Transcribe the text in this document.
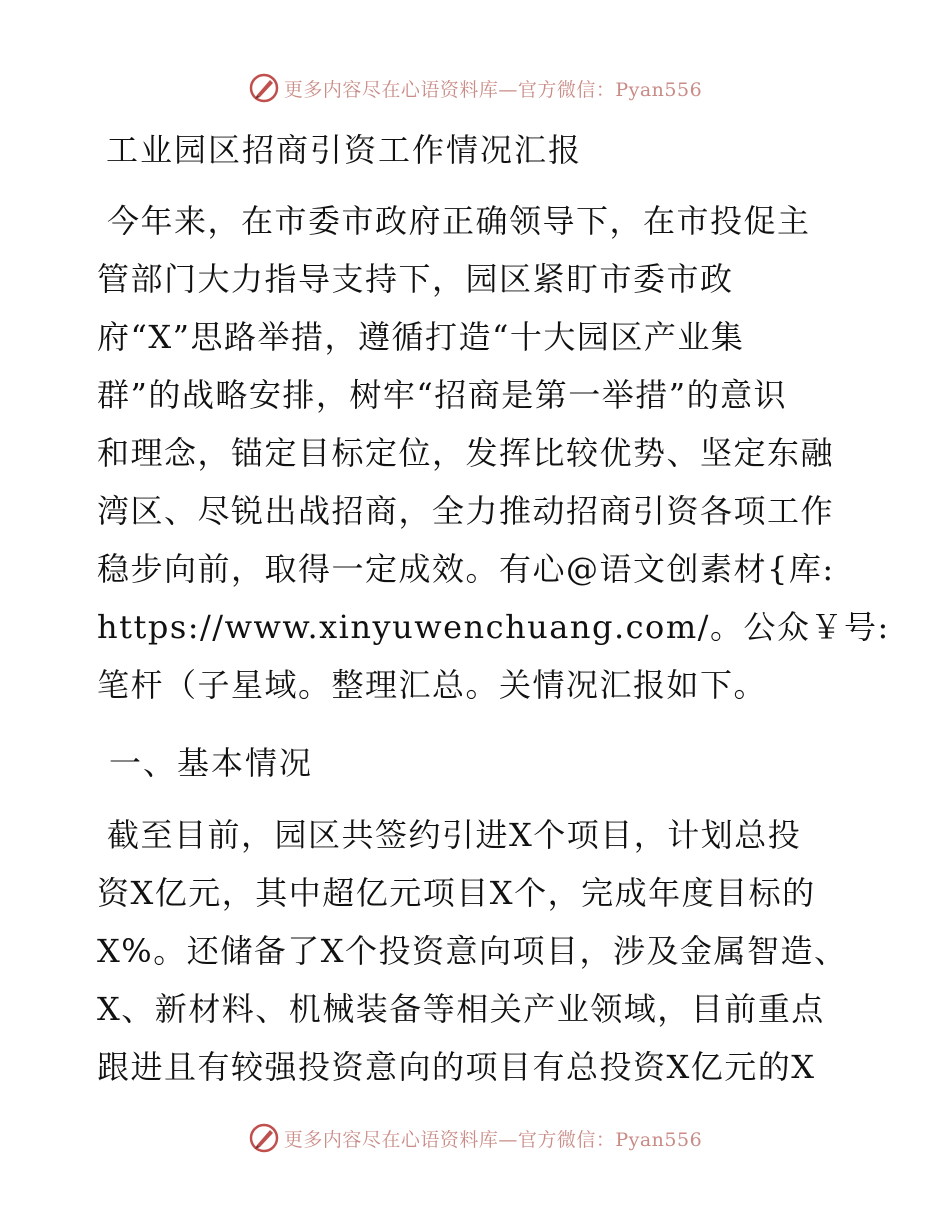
更多内容尽在心语资料库—官方微信：Pyan556
工业园区招商引资工作情况汇报
今年来，在市委市政府正确领导下，在市投促主
管部门大力指导支持下，园区紧盯市委市政
府“X”思路举措，遵循打造“十大园区产业集
群”的战略安排，树牢“招商是第一举措”的意识
和理念，锚定目标定位，发挥比较优势、坚定东融
湾区、尽锐出战招商，全力推动招商引资各项工作
稳步向前，取得一定成效。有心@语文创素材{库:
https://www.xinyuwenchuang.com/。公众￥号:
笔杆（子星域。整理汇总。关情况汇报如下。
一、基本情况
截至目前，园区共签约引进X个项目，计划总投
资X亿元，其中超亿元项目X个，完成年度目标的
X%。还储备了X个投资意向项目，涉及金属智造、
X、新材料、机械装备等相关产业领域，目前重点
跟进且有较强投资意向的项目有总投资X亿元的X
更多内容尽在心语资料库—官方微信：Pyan556
